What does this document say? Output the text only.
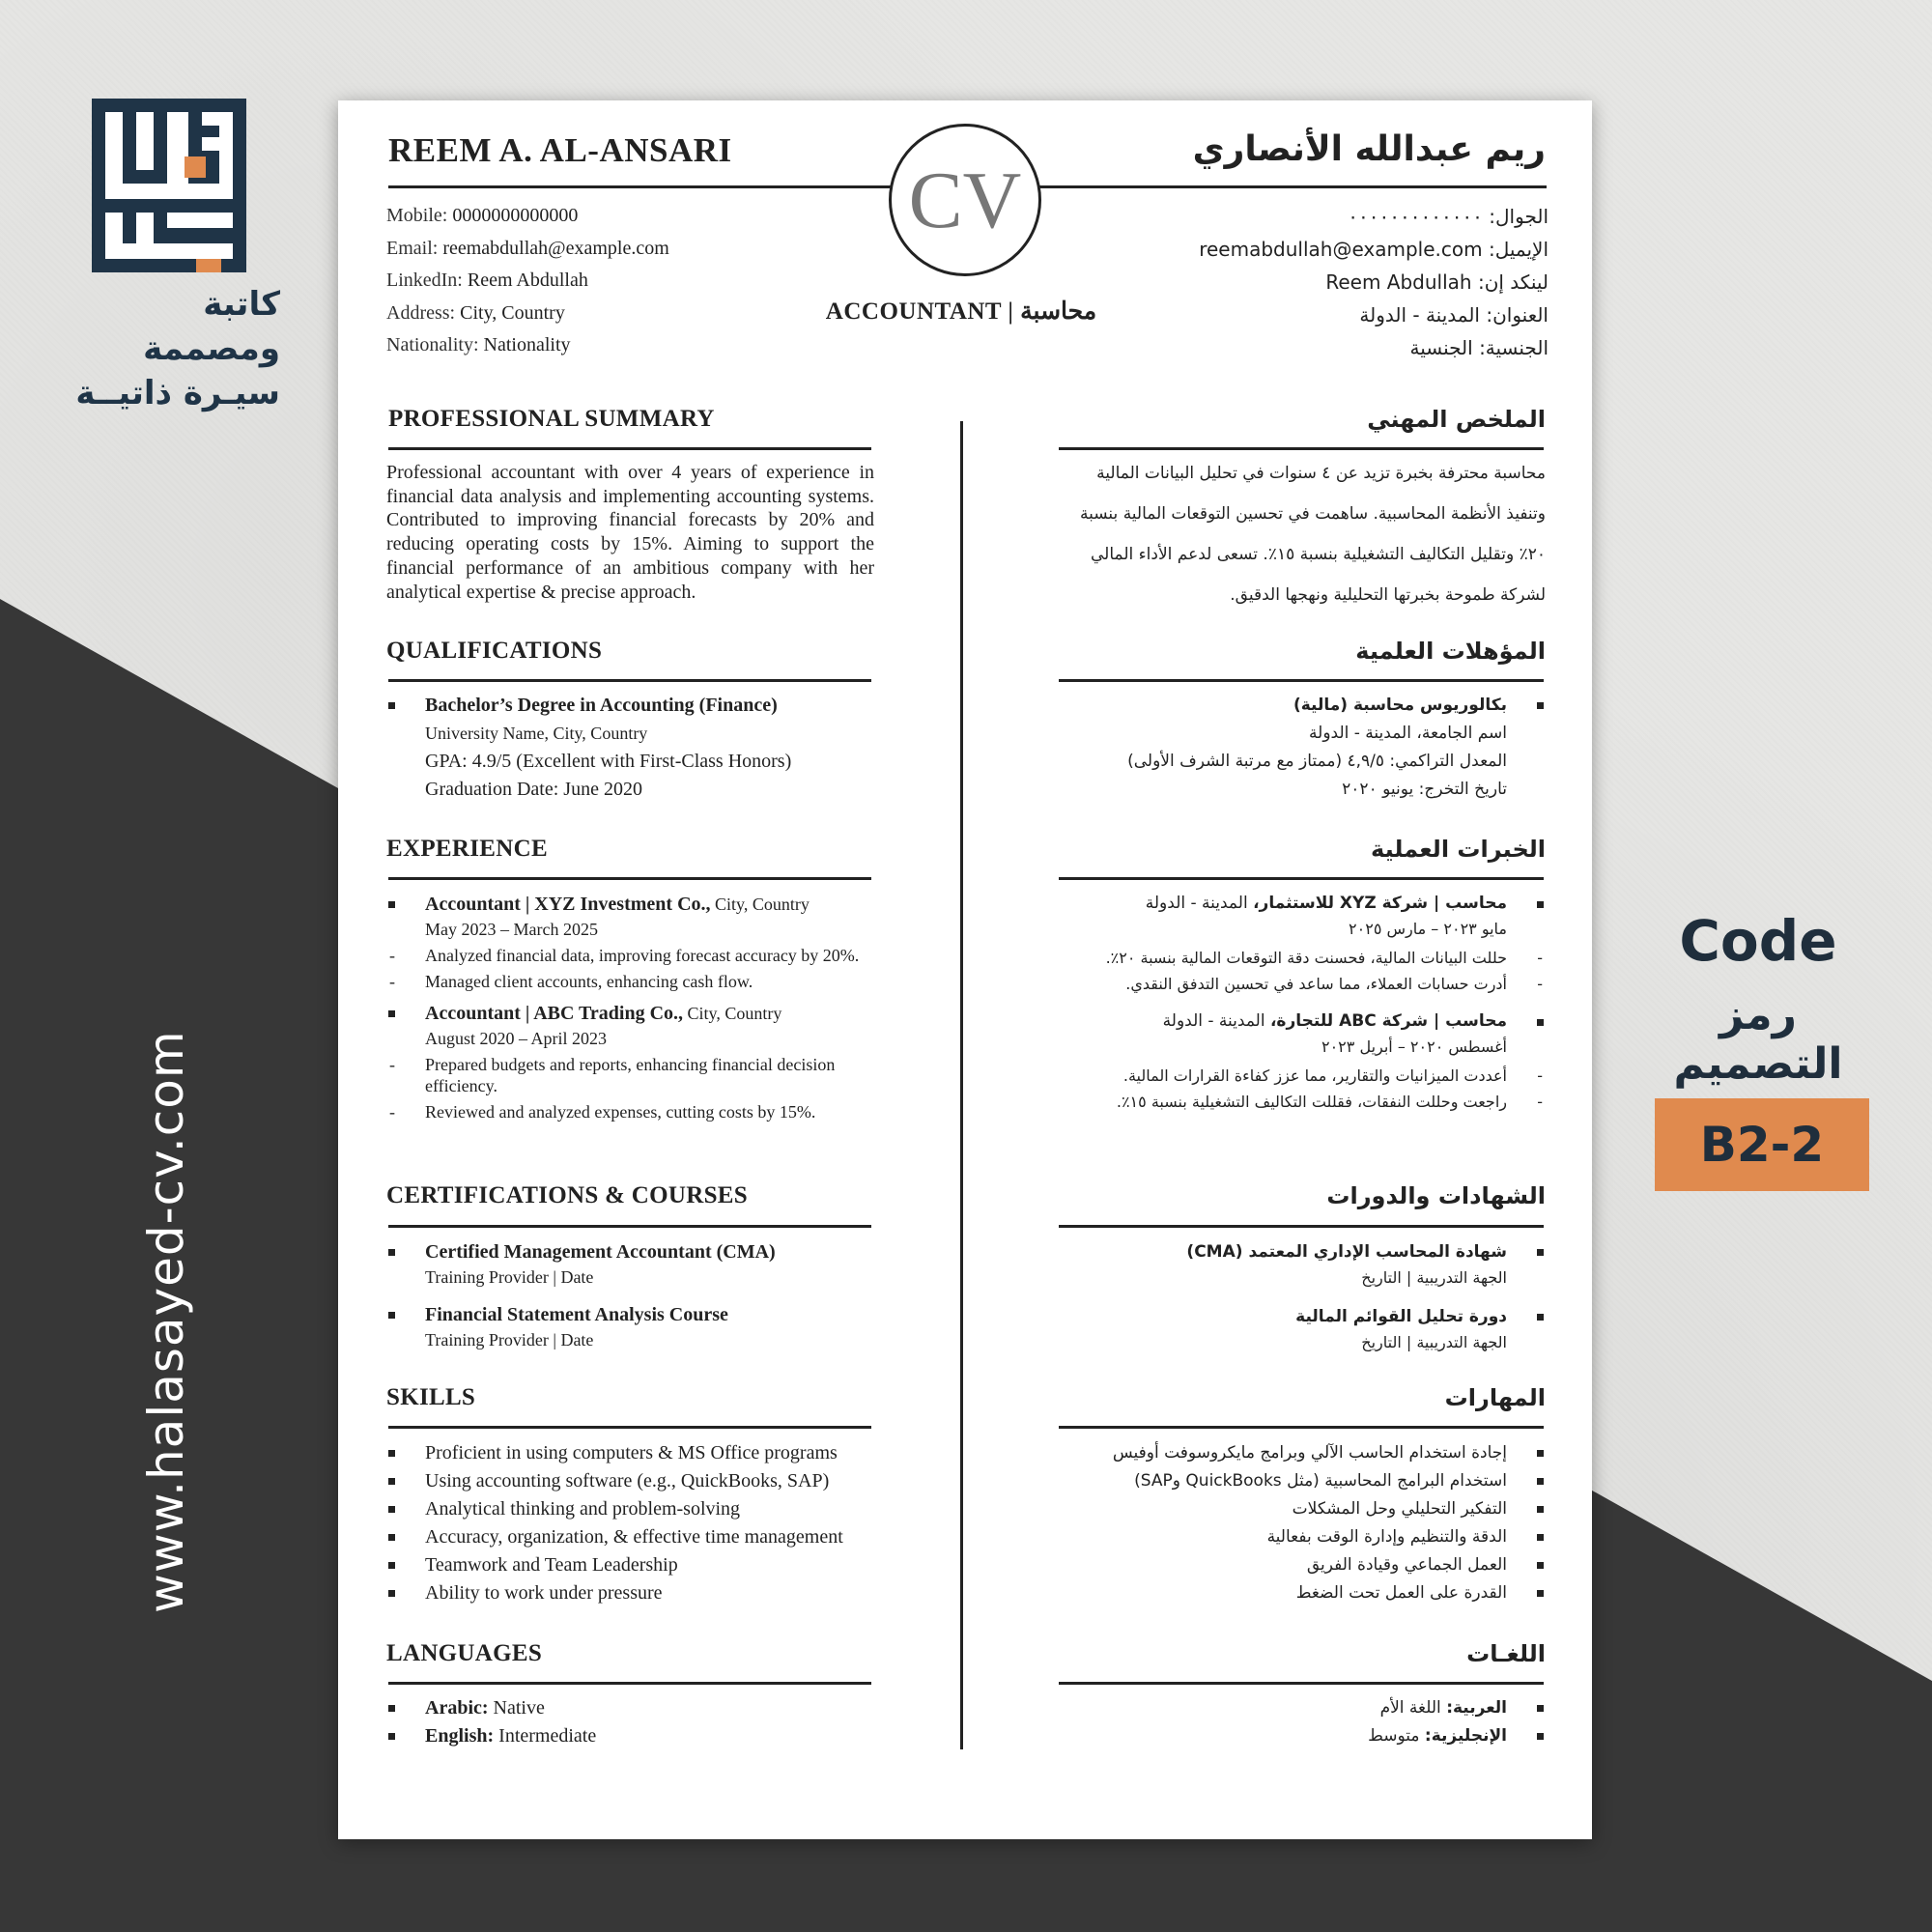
كاتبة ومصممة
سيـرة ذاتيــة
www.halasayed-cv.com
Code
رمز التصميم
B2-2
REEM A. AL-ANSARI	ريم عبدالله الأنصاري
CV
ACCOUNTANT | محاسبة
Mobile: 0000000000000
Email: reemabdullah@example.com
LinkedIn: Reem Abdullah
Address: City, Country
Nationality: Nationality
الجوال: ٠٠٠٠٠٠٠٠٠٠٠٠٠
الإيميل: reemabdullah@example.com
لينكد إن: Reem Abdullah
العنوان: المدينة - الدولة
الجنسية: الجنسية
PROFESSIONAL SUMMARY
Professional accountant with over 4 years of experience in financial data analysis and implementing accounting systems. Contributed to improving financial forecasts by 20% and reducing operating costs by 15%. Aiming to support the financial performance of an ambitious company with her analytical expertise & precise approach.
QUALIFICATIONS
Bachelor’s Degree in Accounting (Finance)
University Name, City, Country
GPA: 4.9/5 (Excellent with First-Class Honors)
Graduation Date: June 2020
EXPERIENCE
Accountant | XYZ Investment Co., City, Country
May 2023 – March 2025
- Analyzed financial data, improving forecast accuracy by 20%.
- Managed client accounts, enhancing cash flow.
Accountant | ABC Trading Co., City, Country
August 2020 – April 2023
- Prepared budgets and reports, enhancing financial decision efficiency.
- Reviewed and analyzed expenses, cutting costs by 15%.
CERTIFICATIONS & COURSES
Certified Management Accountant (CMA)
Training Provider | Date
Financial Statement Analysis Course
Training Provider | Date
SKILLS
Proficient in using computers & MS Office programs
Using accounting software (e.g., QuickBooks, SAP)
Analytical thinking and problem-solving
Accuracy, organization, & effective time management
Teamwork and Team Leadership
Ability to work under pressure
LANGUAGES
Arabic: Native
English: Intermediate
الملخص المهني
محاسبة محترفة بخبرة تزيد عن ٤ سنوات في تحليل البيانات المالية وتنفيذ الأنظمة المحاسبية. ساهمت في تحسين التوقعات المالية بنسبة ٢٠٪ وتقليل التكاليف التشغيلية بنسبة ١٥٪. تسعى لدعم الأداء المالي لشركة طموحة بخبرتها التحليلية ونهجها الدقيق.
المؤهلات العلمية
بكالوريوس محاسبة (مالية)
اسم الجامعة، المدينة - الدولة
المعدل التراكمي: ٤,٩/٥ (ممتاز مع مرتبة الشرف الأولى)
تاريخ التخرج: يونيو ٢٠٢٠
الخبرات العملية
محاسب | شركة XYZ للاستثمار، المدينة - الدولة
مايو ٢٠٢٣ – مارس ٢٠٢٥
- حللت البيانات المالية، فحسنت دقة التوقعات المالية بنسبة ٢٠٪.
- أدرت حسابات العملاء، مما ساعد في تحسين التدفق النقدي.
محاسب | شركة ABC للتجارة، المدينة - الدولة
أغسطس ٢٠٢٠ – أبريل ٢٠٢٣
- أعددت الميزانيات والتقارير، مما عزز كفاءة القرارات المالية.
- راجعت وحللت النفقات، فقللت التكاليف التشغيلية بنسبة ١٥٪.
الشهادات والدورات
شهادة المحاسب الإداري المعتمد (CMA)
الجهة التدريبية | التاريخ
دورة تحليل القوائم المالية
الجهة التدريبية | التاريخ
المهارات
إجادة استخدام الحاسب الآلي وبرامج مايكروسوفت أوفيس
استخدام البرامج المحاسبية (مثل QuickBooks وSAP)
التفكير التحليلي وحل المشكلات
الدقة والتنظيم وإدارة الوقت بفعالية
العمل الجماعي وقيادة الفريق
القدرة على العمل تحت الضغط
اللغـات
العربية: اللغة الأم
الإنجليزية: متوسط
